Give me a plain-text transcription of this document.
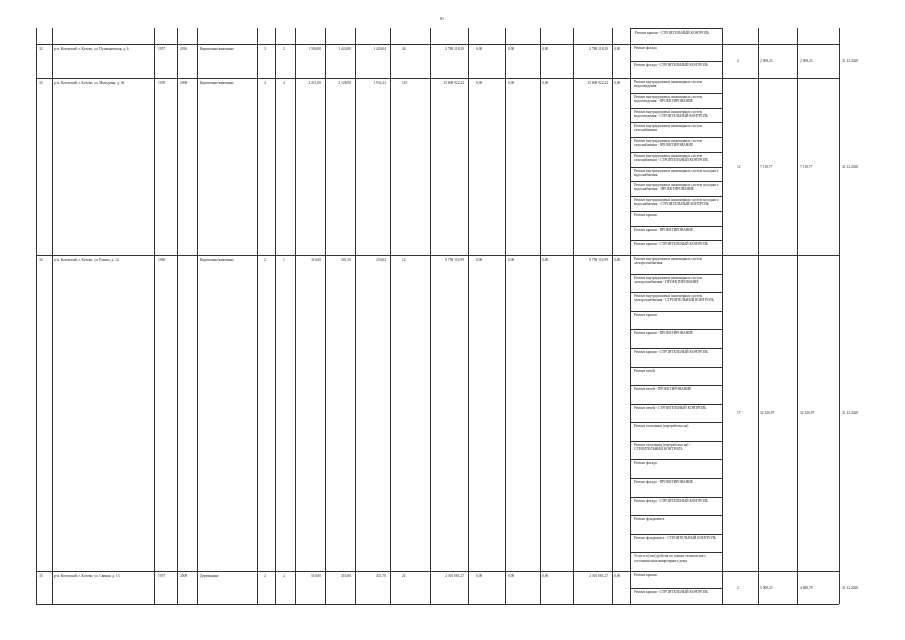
81
Ремонт крыши - СТРОИТЕЛЬНЫЙ КОНТРОЛЬ
32	р-н. Котовский, г. Котово, ул. Пушкаревская, д. 6	1957	2016	Кирпичные/каменные	3	2	1 504,80	1 424,80	1 420,04	44	2 788 218,29	0,00	0,00	0,00	2 788 218,29 0,00	Ремонт фасада
Ремонт фасада - СТРОИТЕЛЬНЫЙ КОНТРОЛЬ
2	2 069,23	2 069,23	31.12.2020
33	р-н. Котовский, г. Котово, ул. Мичурина, д. 46	1959	2008	Кирпичные/каменные	4	4	2 211,00	2 128,00	1 932,22	110	15 608 922,24	0,00	0,00	0,00	15 608 922,24 0,00	Ремонт внутридомовых инженерных систем водоотведения
Ремонт внутридомовых инженерных систем водоотведения - ПРОЕКТИРОВАНИЕ
Ремонт внутридомовых инженерных систем водоотведения - СТРОИТЕЛЬНЫЙ КОНТРОЛЬ
Ремонт внутридомовых инженерных систем газоснабжения
Ремонт внутридомовых инженерных систем газоснабжения - ПРОЕКТИРОВАНИЕ
Ремонт внутридомовых инженерных систем газоснабжения - СТРОИТЕЛЬНЫЙ КОНТРОЛЬ
Ремонт внутридомовых инженерных систем холодного водоснабжения
Ремонт внутридомовых инженерных систем холодного водоснабжения - ПРОЕКТИРОВАНИЕ
Ремонт внутридомовых инженерных систем холодного водоснабжения - СТРОИТЕЛЬНЫЙ КОНТРОЛЬ
Ремонт крыши
Ремонт крыши - ПРОЕКТИРОВАНИЕ
Ремонт крыши - СТРОИТЕЛЬНЫЙ КОНТРОЛЬ
12	7 110,77	7 110,77	31.12.2020
34	р-н. Котовский, г. Котово, ул. Разина, д. 12	1960	Кирпичные/каменные	2	1	310,00	301,50	250,02	12	9 758 152,99	0,00	0,00	0,00	9 758 152,99 0,00	Ремонт внутридомовых инженерных систем электроснабжения
Ремонт внутридомовых инженерных систем электроснабжения - ПРОЕКТИРОВАНИЕ
Ремонт внутридомовых инженерных систем электроснабжения - СТРОИТЕЛЬНЫЙ КОНТРОЛЬ
Ремонт крыши
Ремонт крыши - ПРОЕКТИРОВАНИЕ
Ремонт крыши - СТРОИТЕЛЬНЫЙ КОНТРОЛЬ
Ремонт печей
Ремонт печей - ПРОЕКТИРОВАНИЕ
Ремонт печей - СТРОИТЕЛЬНЫЙ КОНТРОЛЬ
Ремонт отопления (переработка на)
Ремонт отопления (переработка на) - СТРОИТЕЛЬНЫЙ КОНТРОЛЬ
Ремонт фасада
Ремонт фасада - ПРОЕКТИРОВАНИЕ
Ремонт фасада - СТРОИТЕЛЬНЫЙ КОНТРОЛЬ
Ремонт фундамента
Ремонт фундамента - СТРОИТЕЛЬНЫЙ КОНТРОЛЬ
Услуги и (или) работы по оценке технического состояния многоквартирного дома
17	32 336,97	32 336,97	31.12.2020
35	р-н. Котовский, г. Котово, ул. Свиная, д. 13	1957	2009	Деревянные	2	2	510,00	455,00	431,70	21	2 301 081,27	0,00	0,00	0,00	2 301 081,27 0,00	Ремонт крыши
Ремонт крыши - СТРОИТЕЛЬНЫЙ КОНТРОЛЬ
2	5 009,23	4 860,78	31.12.2020
